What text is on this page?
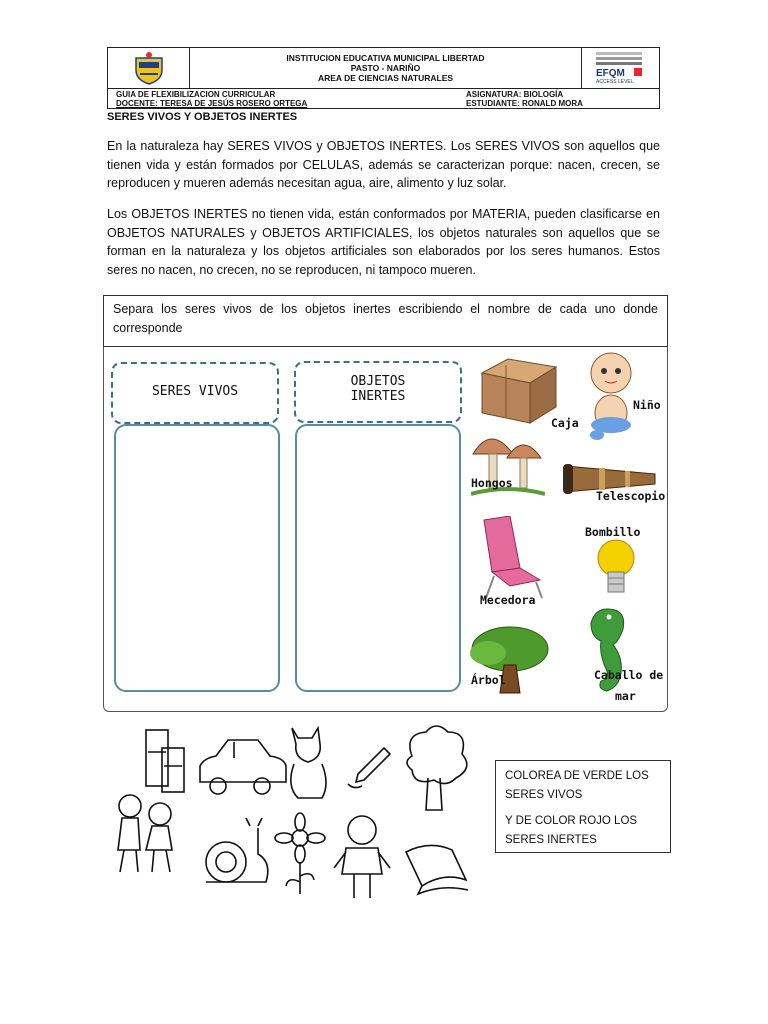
INSTITUCION EDUCATIVA MUNICIPAL LIBERTAD
PASTO - NARIÑO
AREA DE CIENCIAS NATURALES	EFQM
ACCESS LEVEL
GUIA DE FLEXIBILIZACION CURRICULAR
DOCENTE: TERESA DE JESÚS ROSERO ORTEGA
ASIGNATURA: BIOLOGÍA
ESTUDIANTE: RONALD MORA
SERES VIVOS Y OBJETOS INERTES
En la naturaleza hay SERES VIVOS y OBJETOS INERTES. Los SERES VIVOS son aquellos que tienen vida y están formados por CELULAS, además se caracterizan porque: nacen, crecen, se reproducen y mueren además necesitan agua, aire, alimento y luz solar.
Los OBJETOS INERTES no tienen vida, están conformados por MATERIA, pueden clasificarse en OBJETOS NATURALES y OBJETOS ARTIFICIALES, los objetos naturales son aquellos que se forman en la naturaleza y los objetos artificiales son elaborados por los seres humanos. Estos seres no nacen, no crecen, no se reproducen, ni tampoco mueren.
Separa los seres vivos de los objetos inertes escribiendo el nombre de cada uno donde corresponde
SERES VIVOS
OBJETOS
INERTES
Caja
Niño
Hongos
Telescopio
Bombillo
Mecedora
Árbol	Caballo de
mar

COLOREA DE VERDE LOS SERES VIVOS

Y DE COLOR ROJO LOS SERES INERTES
